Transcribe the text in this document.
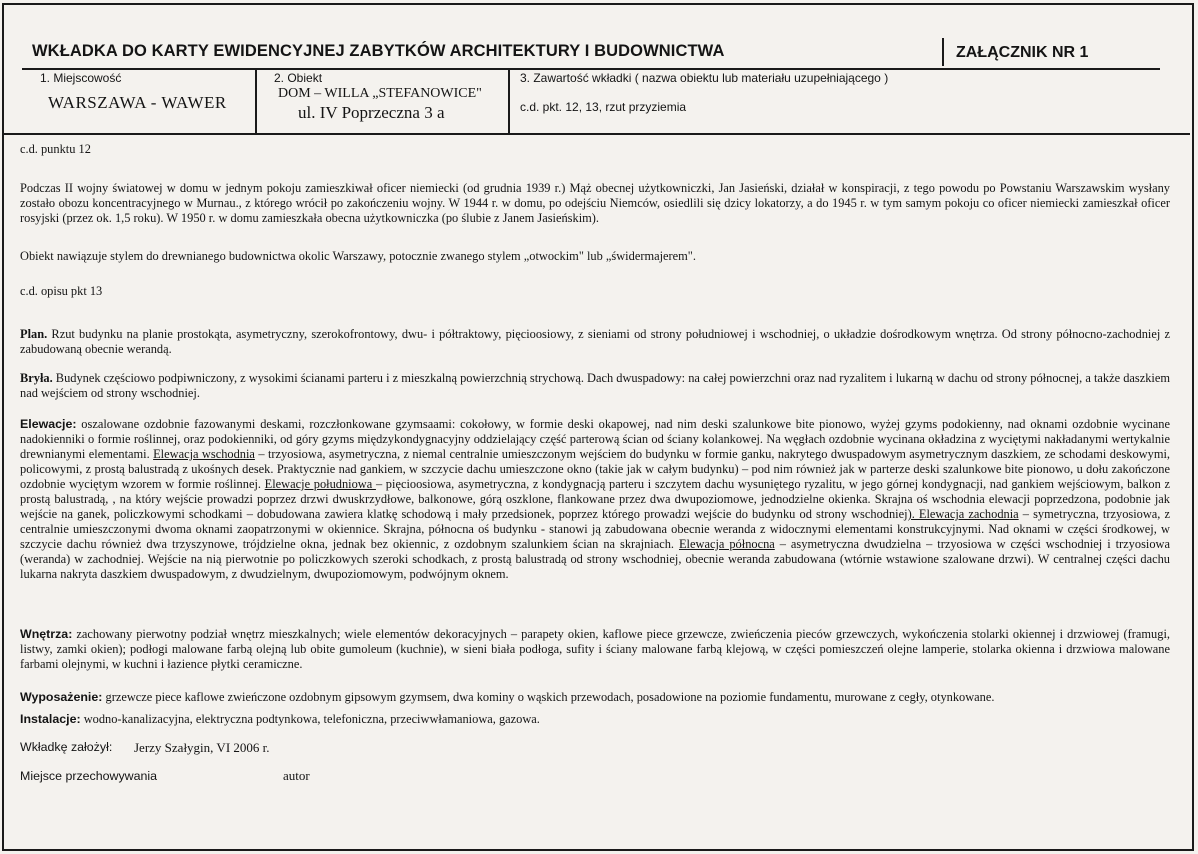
WKŁADKA DO KARTY EWIDENCYJNEJ ZABYTKÓW ARCHITEKTURY I BUDOWNICTWA	ZAŁĄCZNIK NR 1
1. Miejscowość
WARSZAWA - WAWER
2. Obiekt
DOM – WILLA „STEFANOWICE"
ul. IV Poprzeczna 3 a
3. Zawartość wkładki ( nazwa obiektu lub materiału uzupełniającego )
c.d. pkt. 12, 13, rzut przyziemia
c.d. punktu 12
Podczas II wojny światowej w domu w jednym pokoju zamieszkiwał oficer niemiecki (od grudnia 1939 r.) Mąż obecnej użytkowniczki, Jan Jasieński, działał w konspiracji, z tego powodu po Powstaniu Warszawskim wysłany zostało obozu koncentracyjnego w Murnau., z którego wrócił po zakończeniu wojny. W 1944 r. w domu, po odejściu Niemców, osiedlili się dzicy lokatorzy, a do 1945 r. w tym samym pokoju co oficer niemiecki zamieszkał oficer rosyjski (przez ok. 1,5 roku). W 1950 r. w domu zamieszkała obecna użytkowniczka (po ślubie z Janem Jasieńskim).
Obiekt nawiązuje stylem do drewnianego budownictwa okolic Warszawy, potocznie zwanego stylem „otwockim" lub „świdermajerem".
c.d. opisu pkt 13
Plan. Rzut budynku na planie prostokąta, asymetryczny, szerokofrontowy, dwu- i półtraktowy, pięcioosiowy, z sieniami od strony południowej i wschodniej, o układzie dośrodkowym wnętrza. Od strony północno-zachodniej z zabudowaną obecnie werandą.
Bryła. Budynek częściowo podpiwniczony, z wysokimi ścianami parteru i z mieszkalną powierzchnią strychową. Dach dwuspadowy: na całej powierzchni oraz nad ryzalitem i lukarną w dachu od strony północnej, a także daszkiem nad wejściem od strony wschodniej.
Elewacje: oszalowane ozdobnie fazowanymi deskami, rozczłonkowane gzymsaami: cokołowy, w formie deski okapowej, nad nim deski szalunkowe bite pionowo, wyżej gzyms podokienny, nad oknami ozdobnie wycinane nadokienniki o formie roślinnej, oraz podokienniki, od góry gzyms międzykondygnacyjny oddzielający część parterową ścian od ściany kolankowej. Na węgłach ozdobnie wycinana okładzina z wyciętymi nakładanymi wertykalnie drewnianymi elementami. Elewacja wschodnia – trzyosiowa, asymetryczna, z niemal centralnie umieszczonym wejściem do budynku w formie ganku, nakrytego dwuspadowym asymetrycznym daszkiem, ze schodami deskowymi, policowymi, z prostą balustradą z ukośnych desek. Praktycznie nad gankiem, w szczycie dachu umieszczone okno (takie jak w całym budynku) – pod nim również jak w parterze deski szalunkowe bite pionowo, u dołu zakończone ozdobnie wyciętym wzorem w formie roślinnej. Elewacje południowa – pięcioosiowa, asymetryczna, z kondygnacją parteru i szczytem dachu wysuniętego ryzalitu, w jego górnej kondygnacji, nad gankiem wejściowym, balkon z prostą balustradą, , na który wejście prowadzi poprzez drzwi dwuskrzydłowe, balkonowe, górą oszklone, flankowane przez dwa dwupoziomowe, jednodzielne okienka. Skrajna oś wschodnia elewacji poprzedzona, podobnie jak wejście na ganek, policzkowymi schodkami – dobudowana zawiera klatkę schodową i mały przedsionek, poprzez którego prowadzi wejście do budynku od strony wschodniej). Elewacja zachodnia – symetryczna, trzyosiowa, z centralnie umieszczonymi dwoma oknami zaopatrzonymi w okiennice. Skrajna, północna oś budynku - stanowi ją zabudowana obecnie weranda z widocznymi elementami konstrukcyjnymi. Nad oknami w części środkowej, w szczycie dachu również dwa trzyszynowe, trójdzielne okna, jednak bez okiennic, z ozdobnym szalunkiem ścian na skrajniach. Elewacja północna – asymetryczna dwudzielna – trzyosiowa w części wschodniej i trzyosiowa (weranda) w zachodniej. Wejście na nią pierwotnie po policzkowych szeroki schodkach, z prostą balustradą od strony wschodniej, obecnie weranda zabudowana (wtórnie wstawione szalowane drzwi). W centralnej części dachu lukarna nakryta daszkiem dwuspadowym, z dwudzielnym, dwupoziomowym, podwójnym oknem.
Wnętrza: zachowany pierwotny podział wnętrz mieszkalnych; wiele elementów dekoracyjnych – parapety okien, kaflowe piece grzewcze, zwieńczenia pieców grzewczych, wykończenia stolarki okiennej i drzwiowej (framugi, listwy, zamki okien); podłogi malowane farbą olejną lub obite gumoleum (kuchnie), w sieni biała podłoga, sufity i ściany malowane farbą klejową, w części pomieszczeń olejne lamperie, stolarka okienna i drzwiowa malowane farbami olejnymi, w kuchni i łazience płytki ceramiczne.
Wyposażenie: grzewcze piece kaflowe zwieńczone ozdobnym gipsowym gzymsem, dwa kominy o wąskich przewodach, posadowione na poziomie fundamentu, murowane z cegły, otynkowane.
Instalacje: wodno-kanalizacyjna, elektryczna podtynkowa, telefoniczna, przeciwwłamaniowa, gazowa.
Wkładkę założył: Jerzy Szałygin, VI 2006 r.
Miejsce przechowywania	autor
